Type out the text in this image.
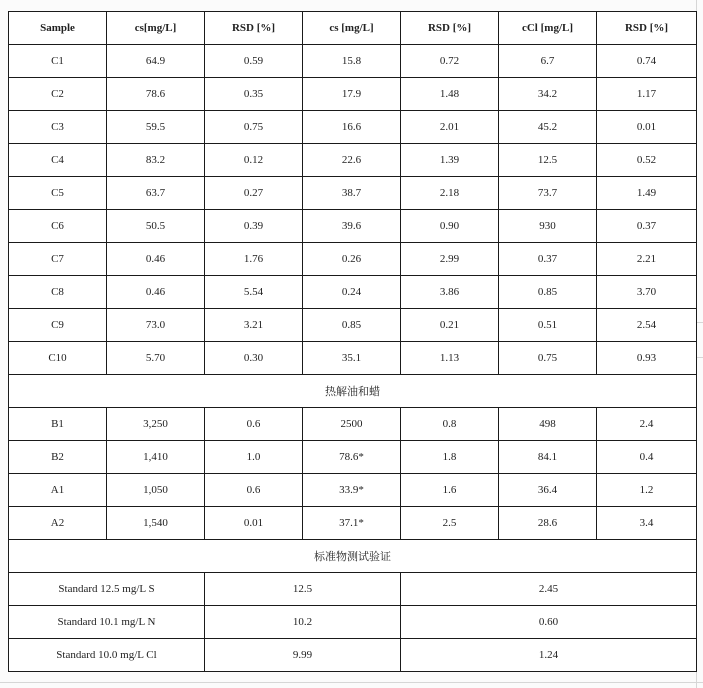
Sample	cs[mg/L]	RSD [%]	cs [mg/L]	RSD [%]	cCl [mg/L]	RSD [%]
C1	64.9	0.59	15.8	0.72	6.7	0.74
C2	78.6	0.35	17.9	1.48	34.2	1.17
C3	59.5	0.75	16.6	2.01	45.2	0.01
C4	83.2	0.12	22.6	1.39	12.5	0.52
C5	63.7	0.27	38.7	2.18	73.7	1.49
C6	50.5	0.39	39.6	0.90	930	0.37
C7	0.46	1.76	0.26	2.99	0.37	2.21
C8	0.46	5.54	0.24	3.86	0.85	3.70
C9	73.0	3.21	0.85	0.21	0.51	2.54
C10	5.70	0.30	35.1	1.13	0.75	0.93
热解油和蜡						
B1	3,250	0.6	2500	0.8	498	2.4
B2	1,410	1.0	78.6*	1.8	84.1	0.4
A1	1,050	0.6	33.9*	1.6	36.4	1.2
A2	1,540	0.01	37.1*	2.5	28.6	3.4
标准物测试验证						
Standard 12.5 mg/L S		12.5		2.45		
Standard 10.1 mg/L N		10.2		0.60		
Standard 10.0 mg/L Cl		9.99		1.24		
